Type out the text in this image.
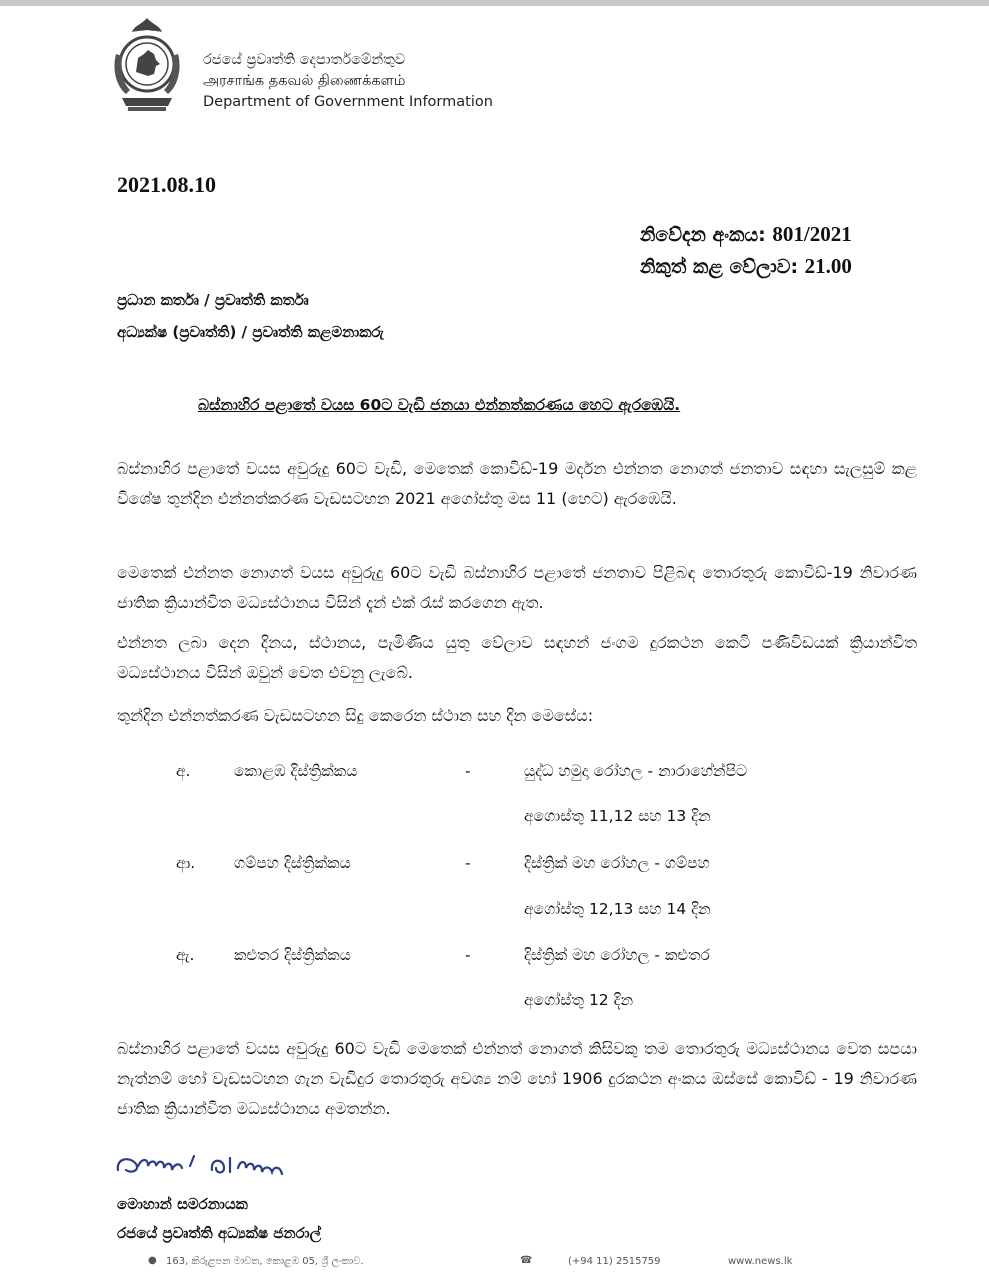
රජයේ ප්‍රවෘත්ති දෙපාර්තමේන්තුව
அரசாங்க தகவல் திணைக்களம்
Department of Government Information
2021.08.10
නිවේදන අංකය: 801/2021
නිකුත් කළ වේලාව: 21.00
ප්‍රධාන කර්තෘ / ප්‍රවෘත්ති කර්තෘ
අධ්‍යක්ෂ (ප්‍රවෘත්ති) / ප්‍රවෘත්ති කළමනාකරු
බස්නාහිර පළාතේ වයස 60ට වැඩි ජනයා එන්නත්කරණය හෙට ඇරඹෙයි.
බස්නාහිර පළාතේ වයස අවුරුදු 60ට වැඩි, මෙතෙක් කොවිඩ්-19 මර්දන එන්නත නොගත් ජනතාව සඳහා සැලසුම් කළ විශේෂ තුන්දින එන්නත්කරණ වැඩසටහන 2021 අගෝස්තු මස 11 (හෙට) ඇරඹෙයි.
මෙතෙක් එන්නත නොගත් වයස අවුරුදු 60ට වැඩි බස්නාහිර පළාතේ ජනතාව පිළිබඳ තොරතුරු කොවිඩ්-19 නිවාරණ ජාතික ක්‍රියාන්විත මධ්‍යස්ථානය විසින් දැන් එක් රැස් කරගෙන ඇත.
එන්නත ලබා දෙන දිනය, ස්ථානය, පැමිණිය යුතු වේලාව සඳහන් ජංගම දුරකථන කෙටි පණිවිඩයක් ක්‍රියාන්විත මධ්‍යස්ථානය විසින් ඔවුන් වෙත එවනු ලැබේ.
තුන්දින එන්නත්කරණ වැඩසටහන සිදු කෙරෙන ස්ථාන සහ දින මෙසේය:
අ.	කොළඹ දිස්ත්‍රික්කය	-	යුද්ධ හමුදා රෝහල - නාරාහේන්පිට
අගොස්තු 11,12 සහ 13 දින
ආ.	ගම්පහ දිස්ත්‍රික්කය	-	දිස්ත්‍රික් මහ රෝහල - ගම්පහ
අගෝස්තු 12,13 සහ 14 දින
ඇ.	කළුතර දිස්ත්‍රික්කය	-	දිස්ත්‍රික් මහ රෝහල - කළුතර
අගෝස්තු 12 දින
බස්නාහිර පළාතේ වයස අවුරුදු 60ට වැඩි මෙතෙක් එන්නත් නොගත් කිසිවකු තම තොරතුරු මධ්‍යස්ථානය වෙත සපයා නැත්නම් හෝ වැඩසටහන ගැන වැඩිදුර තොරතුරු අවශ්‍ය නම් හෝ 1906 දුරකථන අංකය ඔස්සේ කොවිඩ් - 19 නිවාරණ ජාතික ක්‍රියාන්විත මධ්‍යස්ථානය අමතන්න.
මොහාන් සමරනායක
රජයේ ප්‍රවෘත්ති අධ්‍යක්ෂ ජනරාල්
● 163, කිරුළපන මාවත, කොළඹ 05, ශ්‍රී ලංකාව.	☎	(+94 11) 2515759	www.news.lk
